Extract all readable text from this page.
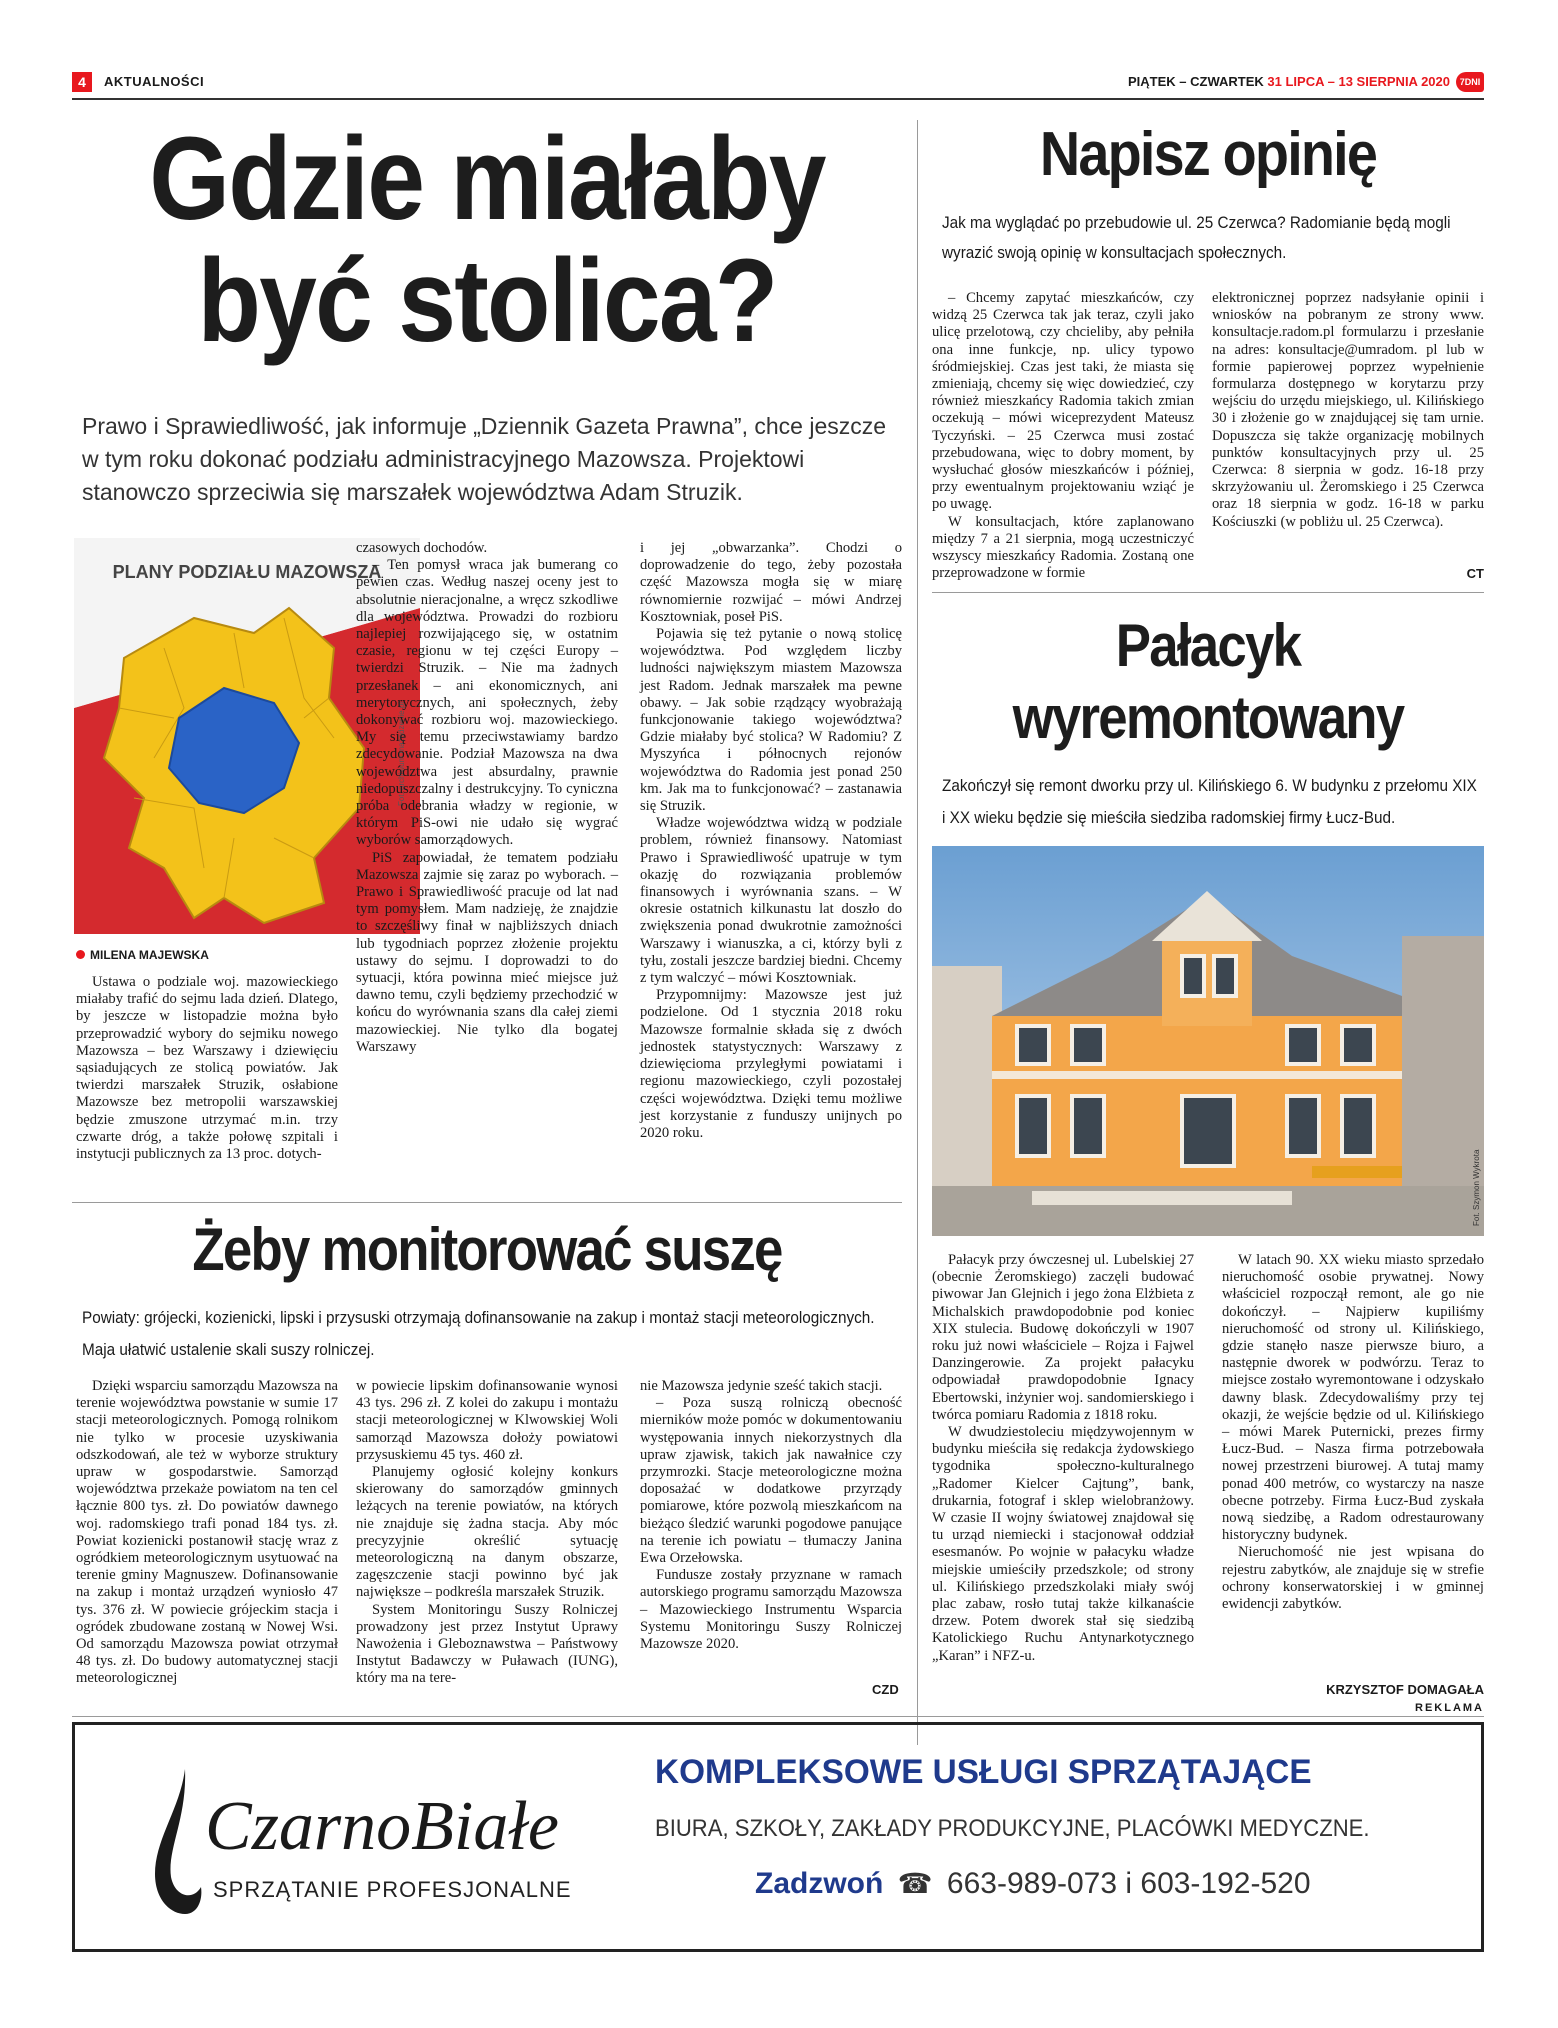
4	AKTUALNOŚCI	PIĄTEK – CZWARTEK 31 LIPCA – 13 SIERPNIA 2020	7DNI
Gdzie miałaby
być stolica?
Prawo i Sprawiedliwość, jak informuje „Dziennik Gazeta Prawna”, chce jeszcze w tym roku dokonać podziału administracyjnego Mazowsza. Projektowi stanowczo sprzeciwia się marszałek województwa Adam Struzik.
PLANY PODZIAŁU MAZOWSZA
Fot. archiwum mazadzenie.pl
MILENA MAJEWSKA

Ustawa o podziale woj. mazowieckiego miałaby trafić do sejmu lada dzień. Dlatego, by jeszcze w listopadzie można było przeprowadzić wybory do sejmiku nowego Mazowsza – bez Warszawy i dziewięciu sąsiadujących ze stolicą powiatów. Jak twierdzi marszałek Struzik, osłabione Mazowsze bez metropolii warszawskiej będzie zmuszone utrzymać m.in. trzy czwarte dróg, a także połowę szpitali i instytucji publicznych za 13 proc. dotych-

czasowych dochodów.

– Ten pomysł wraca jak bumerang co pewien czas. Według naszej oceny jest to absolutnie nieracjonalne, a wręcz szkodliwe dla województwa. Prowadzi do rozbioru najlepiej rozwijającego się, w ostatnim czasie, regionu w tej części Europy – twierdzi Struzik. – Nie ma żadnych przesłanek – ani ekonomicznych, ani merytorycznych, ani społecznych, żeby dokonywać rozbioru woj. mazowieckiego. My się temu przeciwstawiamy bardzo zdecydowanie. Podział Mazowsza na dwa województwa jest absurdalny, prawnie niedopuszczalny i destrukcyjny. To cyniczna próba odebrania władzy w regionie, w którym PiS-owi nie udało się wygrać wyborów samorządowych.

PiS zapowiadał, że tematem podziału Mazowsza zajmie się zaraz po wyborach. – Prawo i Sprawiedliwość pracuje od lat nad tym pomysłem. Mam nadzieję, że znajdzie to szczęśliwy finał w najbliższych dniach lub tygodniach poprzez złożenie projektu ustawy do sejmu. I doprowadzi to do sytuacji, która powinna mieć miejsce już dawno temu, czyli będziemy przechodzić w końcu do wyrównania szans dla całej ziemi mazowieckiej. Nie tylko dla bogatej Warszawy

i jej „obwarzanka”. Chodzi o doprowadzenie do tego, żeby pozostała część Mazowsza mogła się w miarę równomiernie rozwijać – mówi Andrzej Kosztowniak, poseł PiS.

Pojawia się też pytanie o nową stolicę województwa. Pod względem liczby ludności największym miastem Mazowsza jest Radom. Jednak marszałek ma pewne obawy. – Jak sobie rządzący wyobrażają funkcjonowanie takiego województwa? Gdzie miałaby być stolica? W Radomiu? Z Myszyńca i północnych rejonów województwa do Radomia jest ponad 250 km. Jak ma to funkcjonować? – zastanawia się Struzik.

Władze województwa widzą w podziale problem, również finansowy. Natomiast Prawo i Sprawiedliwość upatruje w tym okazję do rozwiązania problemów finansowych i wyrównania szans. – W okresie ostatnich kilkunastu lat doszło do zwiększenia ponad dwukrotnie zamożności Warszawy i wianuszka, a ci, którzy byli z tyłu, zostali jeszcze bardziej biedni. Chcemy z tym walczyć – mówi Kosztowniak.

Przypomnijmy: Mazowsze jest już podzielone. Od 1 stycznia 2018 roku Mazowsze formalnie składa się z dwóch jednostek statystycznych: Warszawy z dziewięcioma przyległymi powiatami i regionu mazowieckiego, czyli pozostałej części województwa. Dzięki temu możliwe jest korzystanie z funduszy unijnych po 2020 roku.

Napisz opinię
Jak ma wyglądać po przebudowie ul. 25 Czerwca? Radomianie będą mogli wyrazić swoją opinię w konsultacjach społecznych.

– Chcemy zapytać mieszkańców, czy widzą 25 Czerwca tak jak teraz, czyli jako ulicę przelotową, czy chcieliby, aby pełniła ona inne funkcje, np. ulicy typowo śródmiejskiej. Czas jest taki, że miasta się zmieniają, chcemy się więc dowiedzieć, czy również mieszkańcy Radomia takich zmian oczekują – mówi wiceprezydent Mateusz Tyczyński. – 25 Czerwca musi zostać przebudowana, więc to dobry moment, by wysłuchać głosów mieszkańców i później, przy ewentualnym projektowaniu wziąć je po uwagę.

W konsultacjach, które zaplanowano między 7 a 21 sierpnia, mogą uczestniczyć wszyscy mieszkańcy Radomia. Zostaną one przeprowadzone w formie

elektronicznej poprzez nadsyłanie opinii i wniosków na pobranym ze strony www. konsultacje.radom.pl formularzu i przesłanie na adres: konsultacje@umradom. pl lub w formie papierowej poprzez wypełnienie formularza dostępnego w korytarzu przy wejściu do urzędu miejskiego, ul. Kilińskiego 30 i złożenie go w znajdującej się tam urnie. Dopuszcza się także organizację mobilnych punktów konsultacyjnych przy ul. 25 Czerwca: 8 sierpnia w godz. 16-18 przy skrzyżowaniu ul. Żeromskiego i 25 Czerwca oraz 18 sierpnia w godz. 16-18 w parku Kościuszki (w pobliżu ul. 25 Czerwca).

CT
Pałacyk
wyremontowany
Zakończył się remont dworku przy ul. Kilińskiego 6. W budynku z przełomu XIX i XX wieku będzie się mieściła siedziba radomskiej firmy Łucz-Bud.
Fot. Szymon Wykrota

Pałacyk przy ówczesnej ul. Lubelskiej 27 (obecnie Żeromskiego) zaczęli budować piwowar Jan Glejnich i jego żona Elżbieta z Michalskich prawdopodobnie pod koniec XIX stulecia. Budowę dokończyli w 1907 roku już nowi właściciele – Rojza i Fajwel Danzingerowie. Za projekt pałacyku odpowiadał prawdopodobnie Ignacy Ebertowski, inżynier woj. sandomierskiego i twórca pomiaru Radomia z 1818 roku.

W dwudziestoleciu międzywojennym w budynku mieściła się redakcja żydowskiego tygodnika społeczno-kulturalnego „Radomer Kielcer Cajtung”, bank, drukarnia, fotograf i sklep wielobranżowy. W czasie II wojny światowej znajdował się tu urząd niemiecki i stacjonował oddział esesmanów. Po wojnie w pałacyku władze miejskie umieściły przedszkole; od strony ul. Kilińskiego przedszkolaki miały swój plac zabaw, rosło tutaj także kilkanaście drzew. Potem dworek stał się siedzibą Katolickiego Ruchu Antynarkotycznego „Karan” i NFZ-u.

W latach 90. XX wieku miasto sprzedało nieruchomość osobie prywatnej. Nowy właściciel rozpoczął remont, ale go nie dokończył. – Najpierw kupiliśmy nieruchomość od strony ul. Kilińskiego, gdzie stanęło nasze pierwsze biuro, a następnie dworek w podwórzu. Teraz to miejsce zostało wyremontowane i odzyskało dawny blask. Zdecydowaliśmy przy tej okazji, że wejście będzie od ul. Kilińskiego – mówi Marek Puternicki, prezes firmy Łucz-Bud. – Nasza firma potrzebowała nowej przestrzeni biurowej. A tutaj mamy ponad 400 metrów, co wystarczy na nasze obecne potrzeby. Firma Łucz-Bud zyskała nową siedzibę, a Radom odrestaurowany historyczny budynek.

Nieruchomość nie jest wpisana do rejestru zabytków, ale znajduje się w strefie ochrony konserwatorskiej i w gminnej ewidencji zabytków.

KRZYSZTOF DOMAGAŁA
Żeby monitorować suszę
Powiaty: grójecki, kozienicki, lipski i przysuski otrzymają dofinansowanie na zakup i montaż stacji meteorologicznych. Maja ułatwić ustalenie skali suszy rolniczej.

Dzięki wsparciu samorządu Mazowsza na terenie województwa powstanie w sumie 17 stacji meteorologicznych. Pomogą rolnikom nie tylko w procesie uzyskiwania odszkodowań, ale też w wyborze struktury upraw w gospodarstwie. Samorząd województwa przekaże powiatom na ten cel łącznie 800 tys. zł. Do powiatów dawnego woj. radomskiego trafi ponad 184 tys. zł. Powiat kozienicki postanowił stację wraz z ogródkiem meteorologicznym usytuować na terenie gminy Magnuszew. Dofinansowanie na zakup i montaż urządzeń wyniosło 47 tys. 376 zł. W powiecie grójeckim stacja i ogródek zbudowane zostaną w Nowej Wsi. Od samorządu Mazowsza powiat otrzymał 48 tys. zł. Do budowy automatycznej stacji meteorologicznej

w powiecie lipskim dofinansowanie wynosi 43 tys. 296 zł. Z kolei do zakupu i montażu stacji meteorologicznej w Klwowskiej Woli samorząd Mazowsza dołoży powiatowi przysuskiemu 45 tys. 460 zł.

Planujemy ogłosić kolejny konkurs skierowany do samorządów gminnych leżących na terenie powiatów, na których nie znajduje się żadna stacja. Aby móc precyzyjnie określić sytuację meteorologiczną na danym obszarze, zagęszczenie stacji powinno być jak największe – podkreśla marszałek Struzik.

System Monitoringu Suszy Rolniczej prowadzony jest przez Instytut Uprawy Nawożenia i Gleboznawstwa – Państwowy Instytut Badawczy w Puławach (IUNG), który ma na tere-

nie Mazowsza jedynie sześć takich stacji.

– Poza suszą rolniczą obecność mierników może pomóc w dokumentowaniu występowania innych niekorzystnych dla upraw zjawisk, takich jak nawałnice czy przymrozki. Stacje meteorologiczne można doposażać w dodatkowe przyrządy pomiarowe, które pozwolą mieszkańcom na bieżąco śledzić warunki pogodowe panujące na terenie ich powiatu – tłumaczy Janina Ewa Orzełowska.

Fundusze zostały przyznane w ramach autorskiego programu samorządu Mazowsza – Mazowieckiego Instrumentu Wsparcia Systemu Monitoringu Suszy Rolniczej Mazowsze 2020.

CZD
REKLAMA
CzarnoBiałe
SPRZĄTANIE PROFESJONALNE
KOMPLEKSOWE USŁUGI SPRZĄTAJĄCE
BIURA, SZKOŁY, ZAKŁADY PRODUKCYJNE, PLACÓWKI MEDYCZNE.
Zadzwoń ☎ 663-989-073 i 603-192-520
